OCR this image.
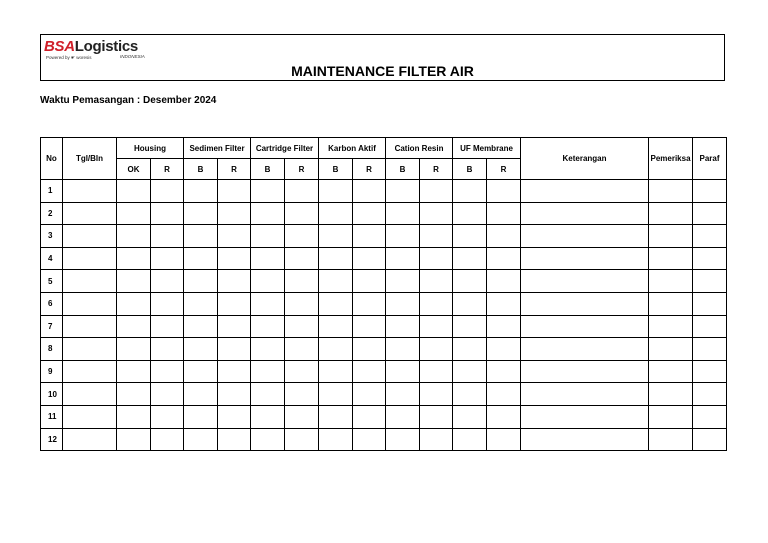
BSALogistics
Powered by ☛ woresis	INDONESIA
MAINTENANCE FILTER AIR
Waktu Pemasangan : Desember 2024
No	Tgl/Bln	Housing		Sedimen Filter		Cartridge Filter		Karbon Aktif		Cation Resin		UF Membrane		Keterangan	Pemeriksa	Paraf
		OK	R	B	R	B	R	B	R	B	R	B	R			
1																
2																
3																
4																
5																
6																
7																
8																
9																
10																
11																
12																
